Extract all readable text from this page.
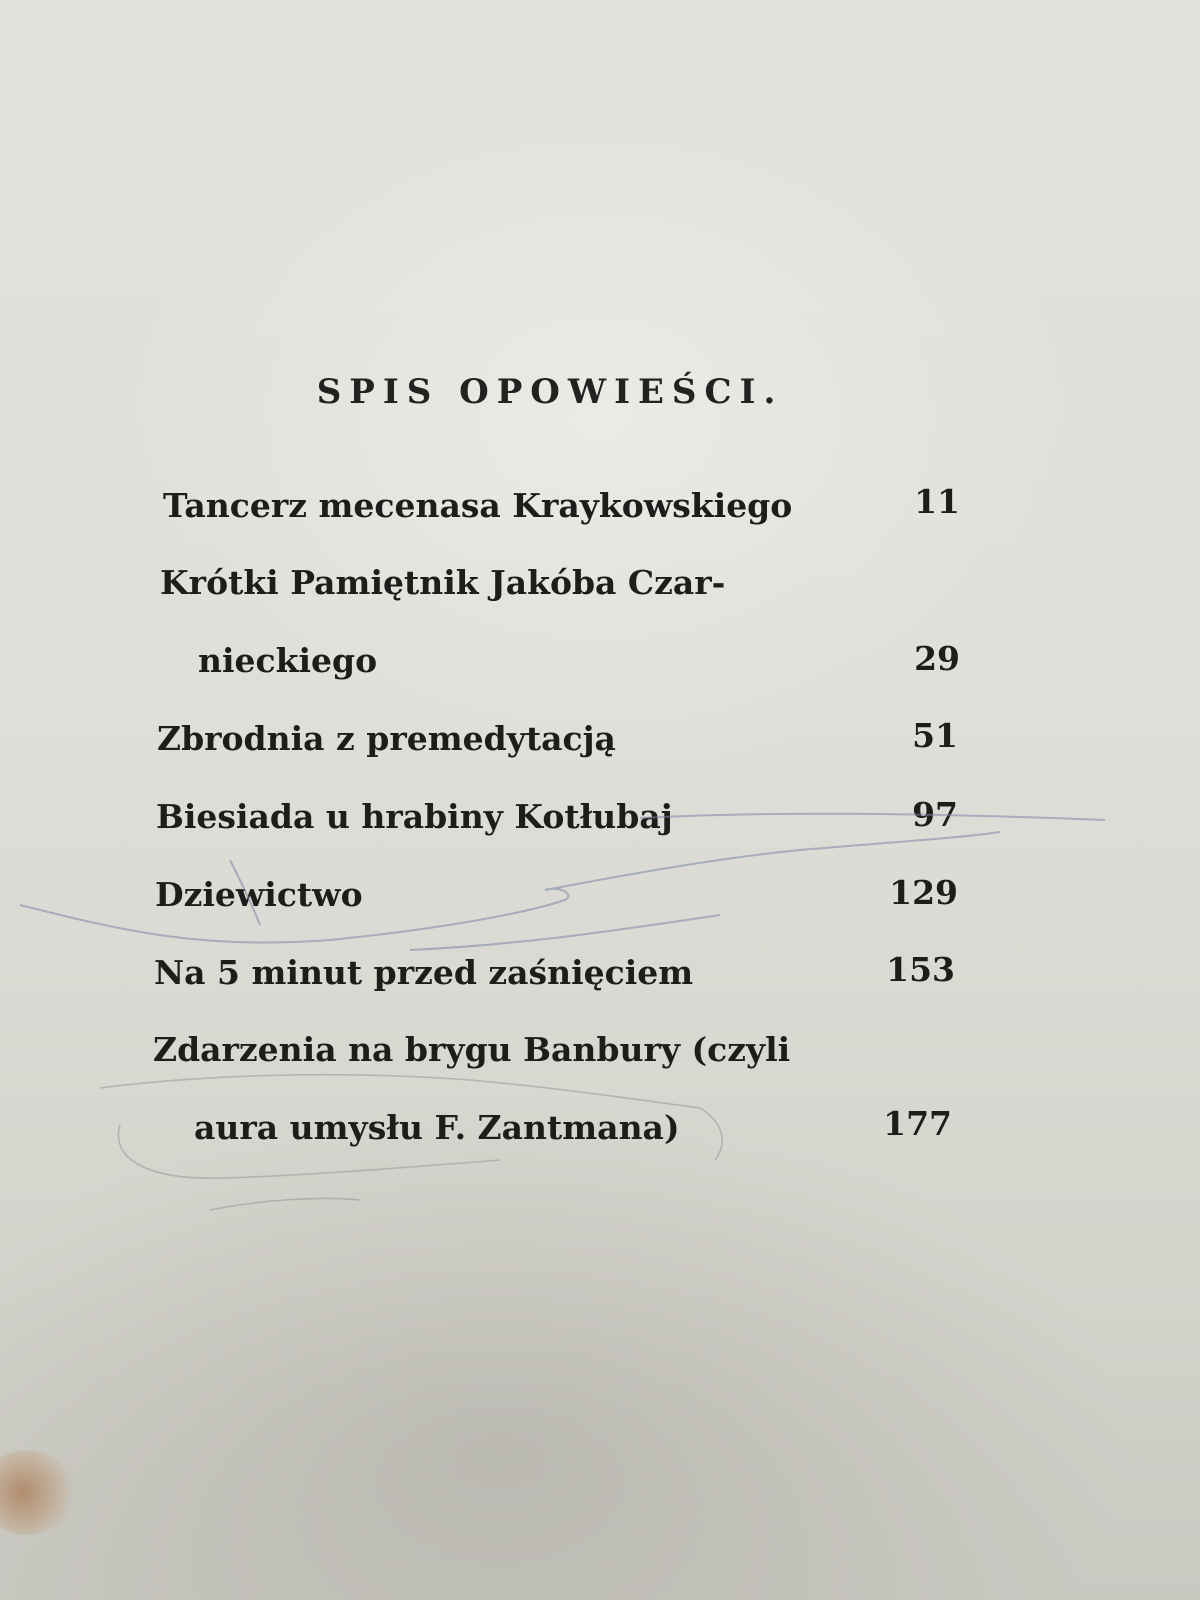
SPIS OPOWIEŚCI.
Tancerz mecenasa Kraykowskiego	11
Krótki Pamiętnik Jakóba Czar-
nieckiego	29
Zbrodnia z premedytacją	51
Biesiada u hrabiny Kotłubaj	97
Dziewictwo	129
Na 5 minut przed zaśnięciem	153
Zdarzenia na brygu Banbury (czyli
aura umysłu F. Zantmana)	177
